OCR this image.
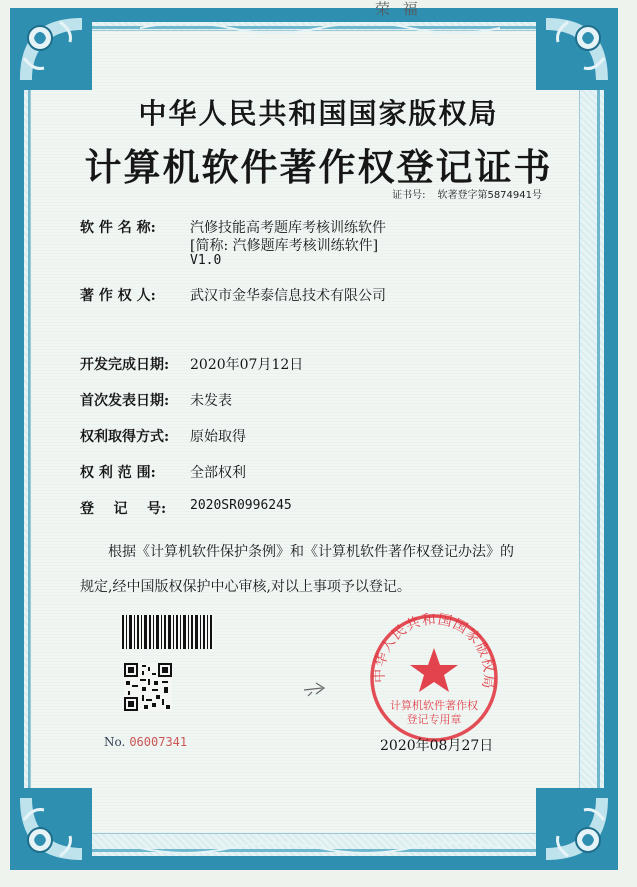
荣 福
中华人民共和国国家版权局
计算机软件著作权登记证书
证书号: 软著登字第5874941号
软 件 名 称:	汽修技能高考题库考核训练软件
[简称: 汽修题库考核训练软件]
V1.0
著 作 权 人:	武汉市金华泰信息技术有限公司
开发完成日期:	2020年07月12日
首次发表日期:	未发表
权利取得方式:	原始取得
权 利 范 围:	全部权利
登    记    号:	2020SR0996245
根据《计算机软件保护条例》和《计算机软件著作权登记办法》的
规定,经中国版权保护中心审核,对以上事项予以登记。
No. 06007341
中华人民共和国国家版权局
计算机软件著作权
登记专用章
2020年08月27日
